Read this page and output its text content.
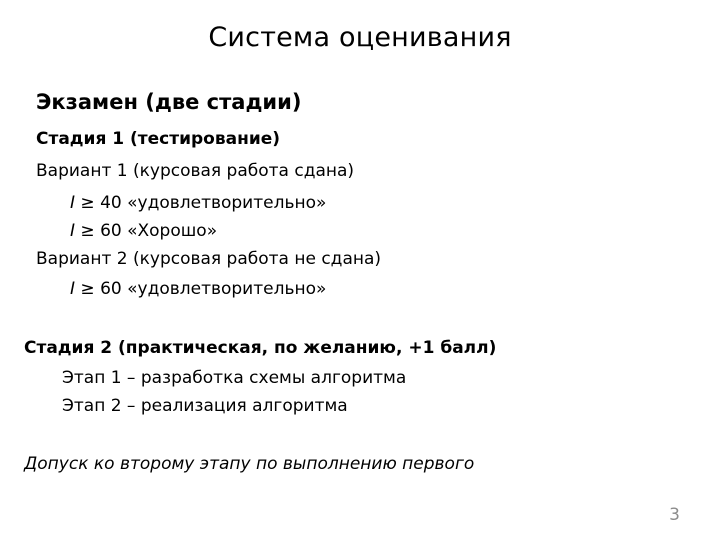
Система оценивания
Экзамен (две стадии)
Стадия 1 (тестирование)
Вариант 1 (курсовая работа сдана)
I ≥ 40 «удовлетворительно»
I ≥ 60 «Хорошо»
Вариант 2 (курсовая работа не сдана)
I ≥ 60 «удовлетворительно»
Стадия 2 (практическая, по желанию, +1 балл)
Этап 1 – разработка схемы алгоритма
Этап 2 – реализация алгоритма
Допуск ко второму этапу по выполнению первого
3
